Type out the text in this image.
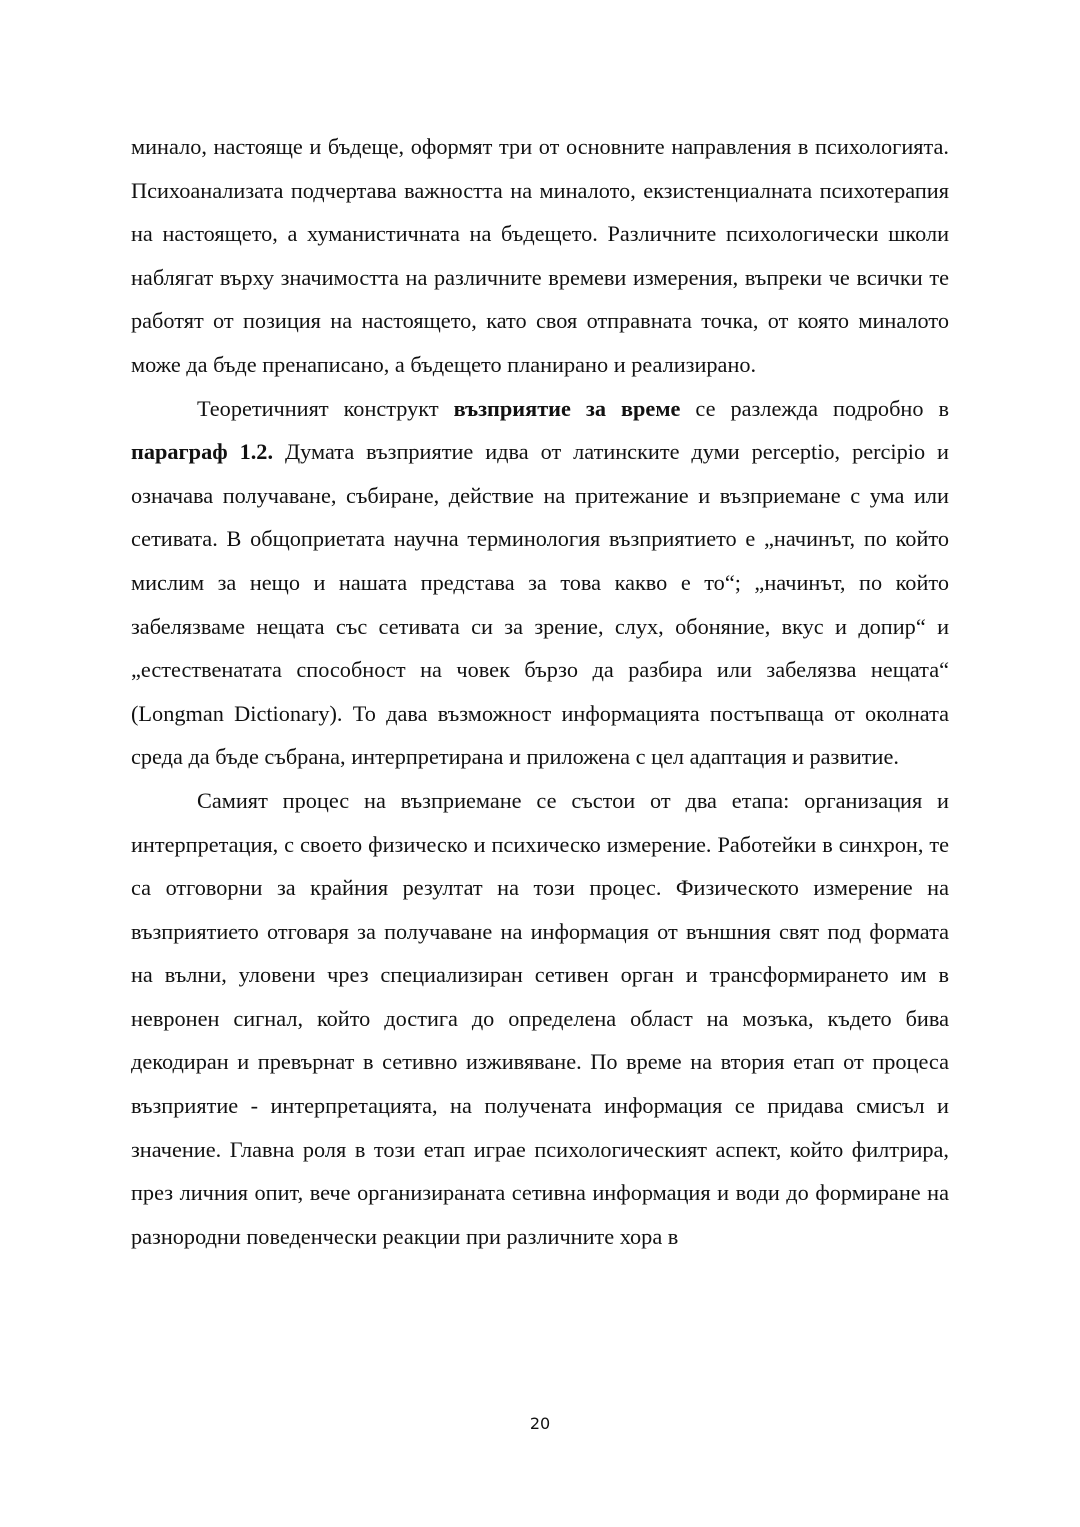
минало, настояще и бъдеще, оформят три от основните направления в психологията. Психоанализата подчертава важността на миналото, екзистенциалната психотерапия на настоящето, а хуманистичната на бъдещето. Различните психологически школи наблягат върху значимостта на различните времеви измерения, въпреки че всички те работят от позиция на настоящето, като своя отправната точка, от която миналото може да бъде пренаписано, а бъдещето планирано и реализирано.

Теоретичният конструкт възприятие за време се разлежда подробно в параграф 1.2. Думата възприятие идва от латинските думи perceptio, percipio и означава получаване, събиране, действие на притежание и възприемане с ума или сетивата. В общоприетата научна терминология възприятието е „начинът, по който мислим за нещо и нашата представа за това какво е то“; „начинът, по който забелязваме нещата със сетивата си за зрение, слух, обоняние, вкус и допир“ и „естественатата способност на човек бързо да разбира или забелязва нещата“ (Longman Dictionary). То дава възможност информацията постъпваща от околната среда да бъде събрана, интерпретирана и приложена с цел адаптация и развитие.

Самият процес на възприемане се състои от два етапа: организация и интерпретация, с своето физическо и психическо измерение. Работейки в синхрон, те са отговорни за крайния резултат на този процес. Физическото измерение на възприятието отговаря за получаване на информация от външния свят под формата на вълни, уловени чрез специализиран сетивен орган и трансформирането им в невронен сигнал, който достига до определена област на мозъка, където бива декодиран и превърнат в сетивно изживяване. По време на втория етап от процеса възприятие - интерпретацията, на получената информация се придава смисъл и значение. Главна роля в този етап играе психологическият аспект, който филтрира, през личния опит, вече организираната сетивна информация и води до формиране на разнородни поведенчески реакции при различните хора в

20
